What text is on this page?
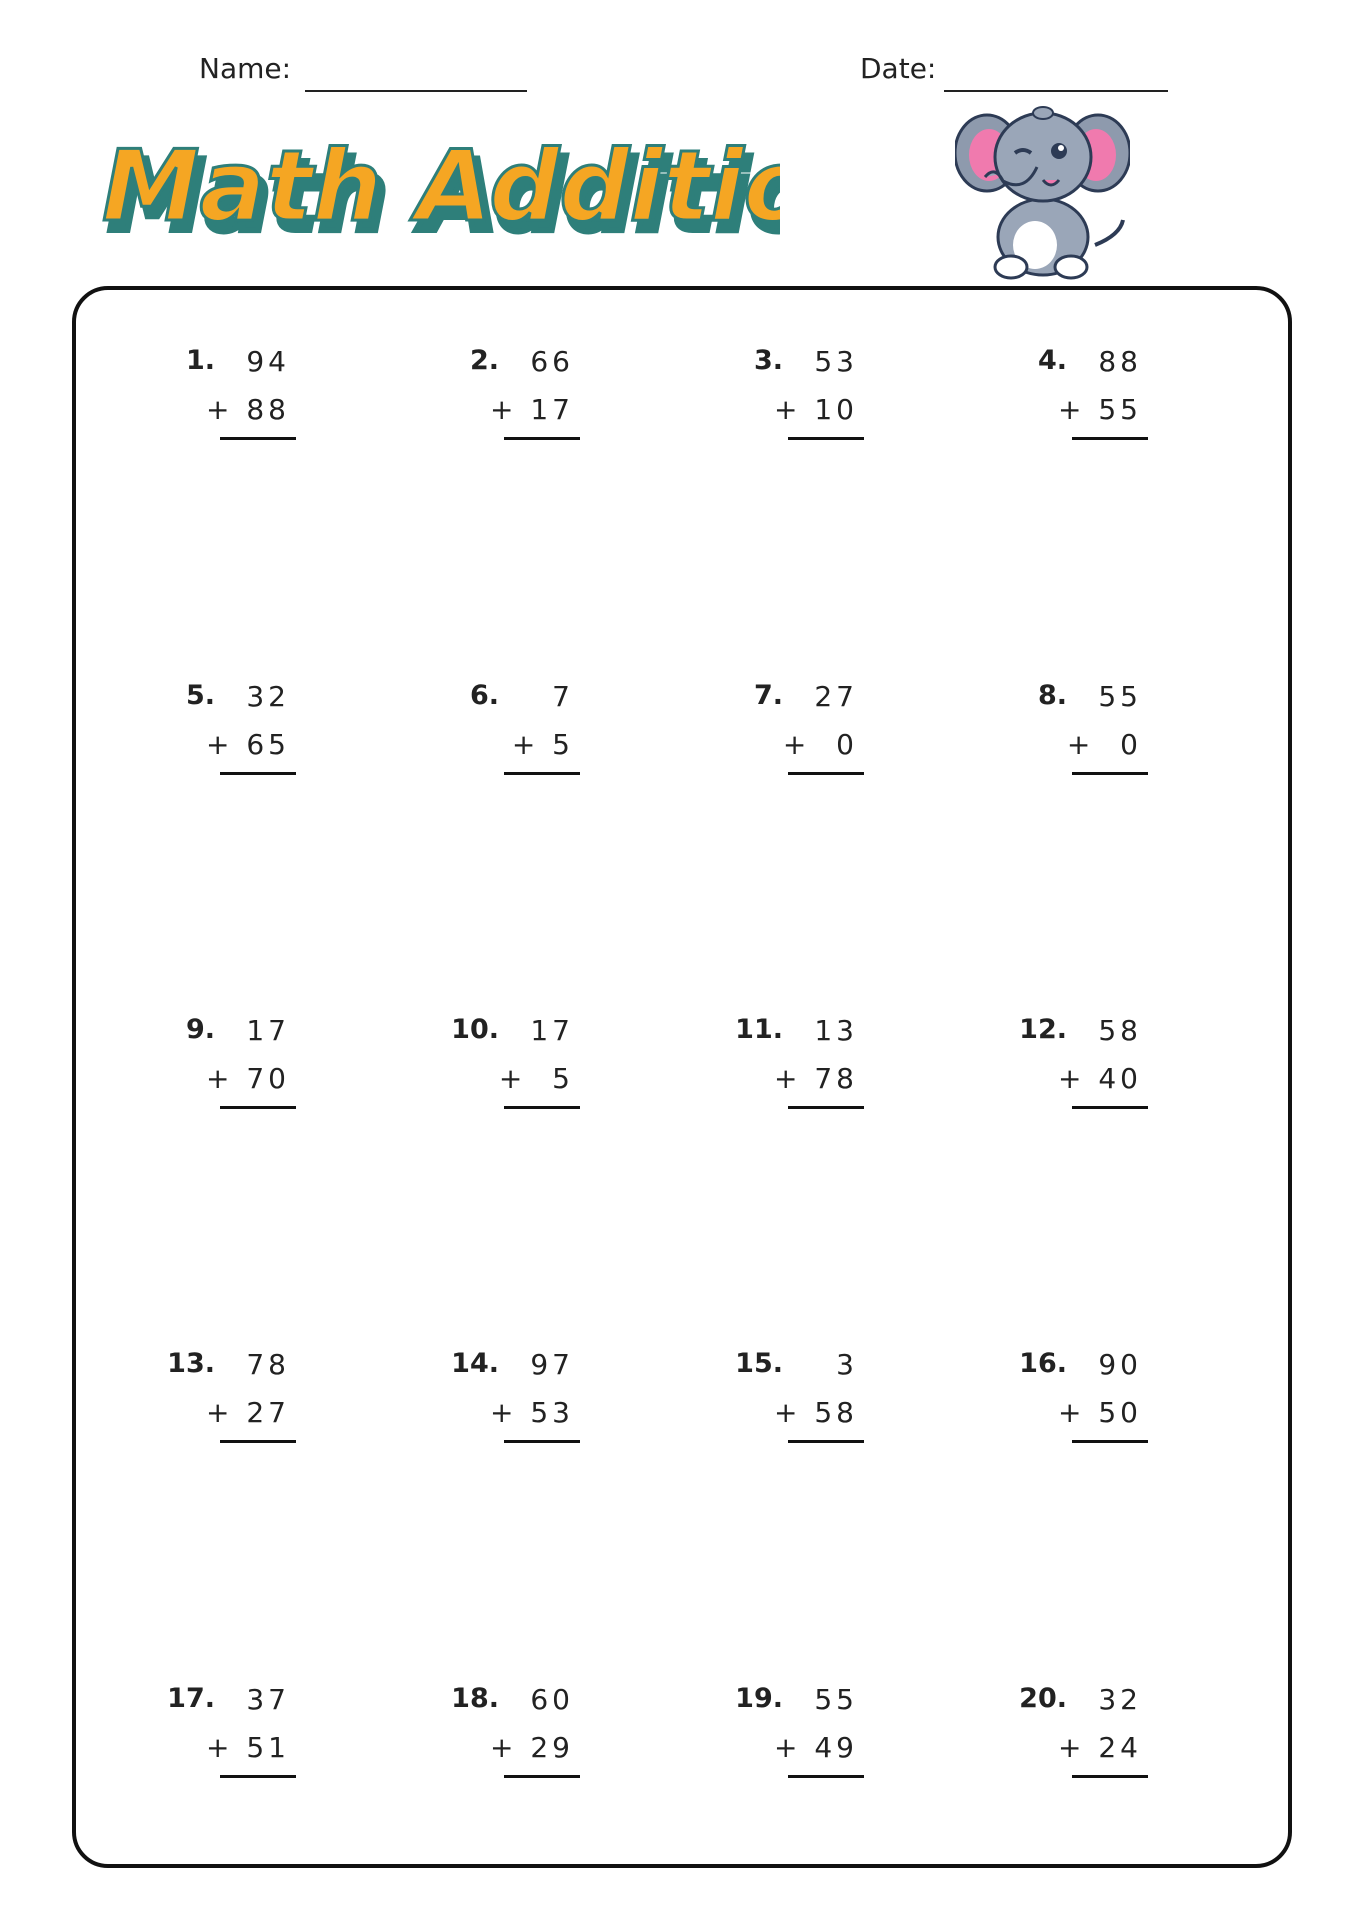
Name:	Date:
Math Additi
Math Additi
1. 94
+ 88
2. 66
+ 17
3. 53
+ 10
4. 88
+ 55
5. 32
+ 65
6. 7
+ 5
7. 27
+  0
8. 55
+  0
9. 17
+ 70
10. 17
+  5
11. 13
+ 78
12. 58
+ 40
13. 78
+ 27
14. 97
+ 53
15. 3
+ 58
16. 90
+ 50
17. 37
+ 51
18. 60
+ 29
19. 55
+ 49
20. 32
+ 24
